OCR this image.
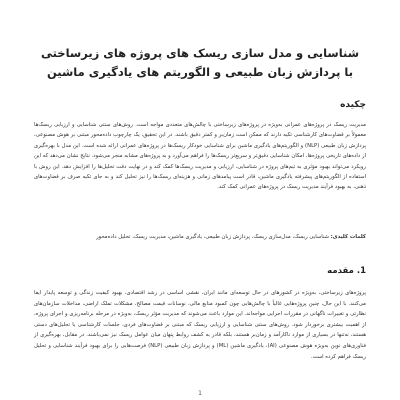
شناسایی و مدل سازی ریسک های پروژه های زیرساختی با پردازش زبان طبیعی و الگوریتم های یادگیری ماشین
چکیده
مدیریت ریسک در پروژه‌های عمرانی به‌ویژه در پروژه‌های زیرساختی با چالش‌های متعددی مواجه است. روش‌های سنتی شناسایی و ارزیابی ریسک‌ها معمولاً بر قضاوت‌های کارشناسی تکیه دارند که ممکن است زمان‌بر و کمتر دقیق باشند. در این تحقیق، یک چارچوب داده‌محور مبتنی بر هوش مصنوعی، پردازش زبان طبیعی (NLP) و الگوریتم‌های یادگیری ماشین برای شناسایی خودکار ریسک‌ها در پروژه‌های عمرانی ارائه شده است. این مدل با بهره‌گیری از داده‌های تاریخی پروژه‌ها، امکان شناسایی دقیق‌تر و سریع‌تر ریسک‌ها را فراهم می‌آورد و به پروژه‌های مشابه منجر می‌شود. نتایج نشان می‌دهد که این رویکرد می‌تواند بهبود مؤثری به تیم‌های پروژه در شناسایی، ارزیابی و مدیریت ریسک‌ها کمک کند و در نهایت دقت تحلیل‌ها را افزایش دهد. این روش با استفاده از الگوریتم‌های پیشرفته یادگیری ماشین، قادر است پیامدهای زمانی و هزینه‌ای ریسک‌ها را نیز تحلیل کند و به جای تکیه صرف بر قضاوت‌های ذهنی، به بهبود فرآیند مدیریت ریسک در پروژه‌های عمرانی کمک کند.
کلمات کلیدی: شناسایی ریسک، مدل‌سازی ریسک، پردازش زبان طبیعی، یادگیری ماشین، مدیریت ریسک، تحلیل داده‌محور
1. مقدمه
پروژه‌های زیرساختی، به‌ویژه در کشورهای در حال توسعه‌ای مانند ایران، نقشی اساسی در رشد اقتصادی، بهبود کیفیت زندگی و توسعه پایدار ایفا می‌کنند. با این حال، چنین پروژه‌هایی غالباً با چالش‌هایی چون کمبود منابع مالی، نوسانات قیمت مصالح، مشکلات تملک اراضی، مداخلات سازمان‌های نظارتی و تغییرات ناگهانی در مقررات اجرایی مواجه‌اند. این موارد باعث می‌شوند که مدیریت مؤثر ریسک، به‌ویژه در مرحله برنامه‌ریزی و اجرای پروژه، از اهمیت بیشتری برخوردار شود. روش‌های سنتی شناسایی و ارزیابی ریسک که مبتنی بر قضاوت‌های فردی، جلسات کارشناسی یا تحلیل‌های دستی هستند، نه‌تنها در بسیاری از موارد ناکارآمد و زمان‌بر هستند، بلکه قادر به کشف روابط پنهان میان عوامل ریسک نیز نمی‌باشند. در مقابل، بهره‌گیری از فناوری‌های نوین به‌ویژه هوش مصنوعی (AI)، یادگیری ماشین (ML) و پردازش زبان طبیعی (NLP) فرصت‌هایی را برای بهبود فرآیند شناسایی و تحلیل ریسک فراهم کرده است.
1
